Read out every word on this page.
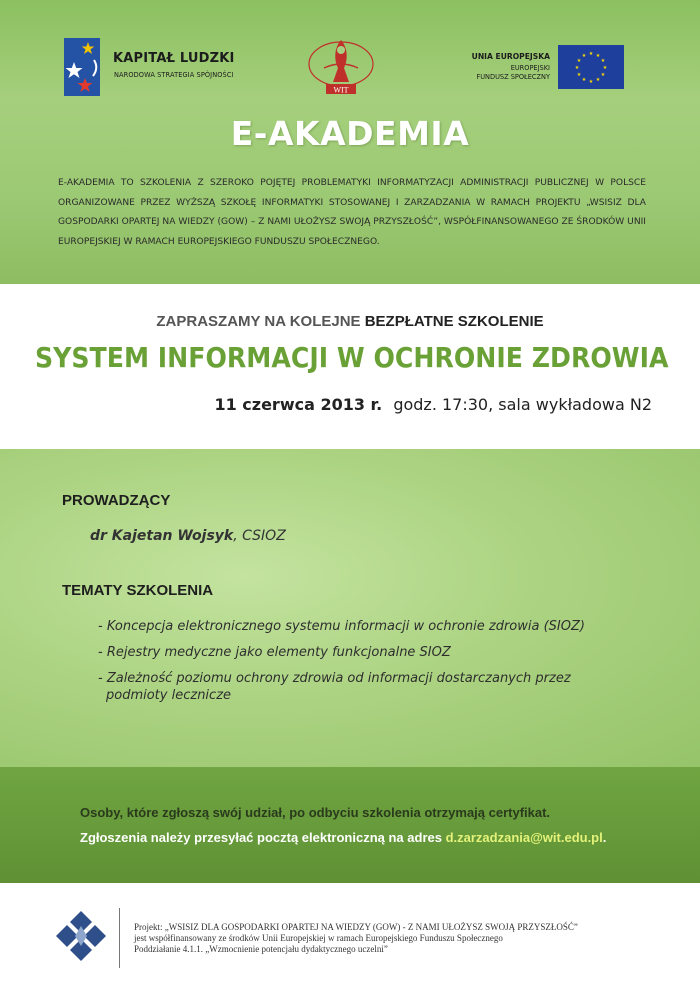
KAPITAŁ LUDZKI
NARODOWA STRATEGIA SPÓJNOŚCI
WIT
UNIA EUROPEJSKA
EUROPEJSKI
FUNDUSZ SPOŁECZNY
★ ★
★
★
★
★
★
★
★
★
★
★
E-AKADEMIA

E-AKADEMIA TO SZKOLENIA Z SZEROKO POJĘTEJ PROBLEMATYKI INFORMATYZACJI ADMINISTRACJI PUBLICZNEJ W POLSCE ORGANIZOWANE PRZEZ WYŻSZĄ SZKOŁĘ INFORMATYKI STOSOWANEJ I ZARZADZANIA W RAMACH PROJEKTU „WSISIZ DLA GOSPODARKI OPARTEJ NA WIEDZY (GOW) – Z NAMI UŁOŻYSZ SWOJĄ PRZYSZŁOŚĆ”, WSPÓŁFINANSOWANEGO ZE ŚRODKÓW UNII EUROPEJSKIEJ W RAMACH EUROPEJSKIEGO FUNDUSZU SPOŁECZNEGO.

ZAPRASZAMY NA KOLEJNE BEZPŁATNE SZKOLENIE
SYSTEM INFORMACJI W OCHRONIE ZDROWIA
11 czerwca 2013 r. godz. 17:30, sala wykładowa N2
PROWADZĄCY
dr Kajetan Wojsyk, CSIOZ
TEMATY SZKOLENIA
- Koncepcja elektronicznego systemu informacji w ochronie zdrowia (SIOZ)
- Rejestry medyczne jako elementy funkcjonalne SIOZ
- Zależność poziomu ochrony zdrowia od informacji dostarczanych przez podmioty lecznicze
Osoby, które zgłoszą swój udział, po odbyciu szkolenia otrzymają certyfikat.
Zgłoszenia należy przesyłać pocztą elektroniczną na adres d.zarzadzania@wit.edu.pl.
Projekt: „WSISIZ DLA GOSPODARKI OPARTEJ NA WIEDZY (GOW) - Z NAMI UŁOŻYSZ SWOJĄ PRZYSZŁOŚĆ”
jest współfinansowany ze środków Unii Europejskiej w ramach Europejskiego Funduszu Społecznego
Poddziałanie 4.1.1. „Wzmocnienie potencjału dydaktycznego uczelni”
